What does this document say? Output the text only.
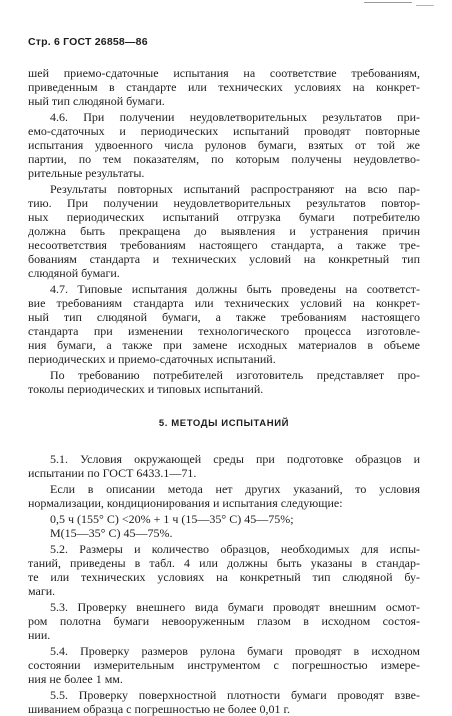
Стр. 6 ГОСТ 26858—86
5. МЕТОДЫ ИСПЫТАНИЙ
шей приемо-сдаточные испытания на соответствие требованиям,
приведенным в стандарте или технических условиях на конкрет-
ный тип слюдяной бумаги.
4.6. При получении неудовлетворительных результатов при-
емо-сдаточных и периодических испытаний проводят повторные
испытания удвоенного числа рулонов бумаги, взятых от той же
партии, по тем показателям, по которым получены неудовлетво-
рительные результаты.
Результаты повторных испытаний распространяют на всю пар-
тию. При получении неудовлетворительных результатов повтор-
ных периодических испытаний отгрузка бумаги потребителю
должна быть прекращена до выявления и устранения причин
несоответствия требованиям настоящего стандарта, а также тре-
бованиям стандарта и технических условий на конкретный тип
слюдяной бумаги.
4.7. Типовые испытания должны быть проведены на соответст-
вие требованиям стандарта или технических условий на конкрет-
ный тип слюдяной бумаги, а также требованиям настоящего
стандарта при изменении технологического процесса изготовле-
ния бумаги, а также при замене исходных материалов в объеме
периодических и приемо-сдаточных испытаний.
По требованию потребителей изготовитель представляет про-
токолы периодических и типовых испытаний.
5.1. Условия окружающей среды при подготовке образцов и
испытании по ГОСТ 6433.1—71.
Если в описании метода нет других указаний, то условия
нормализации, кондиционирования и испытания следующие:
0,5 ч (155° С) <20% + 1 ч (15—35° С) 45—75%;
М(15—35° С) 45—75%.
5.2. Размеры и количество образцов, необходимых для испы-
таний, приведены в табл. 4 или должны быть указаны в стандар-
те или технических условиях на конкретный тип слюдяной бу-
маги.
5.3. Проверку внешнего вида бумаги проводят внешним осмот-
ром полотна бумаги невооруженным глазом в исходном состоя-
нии.
5.4. Проверку размеров рулона бумаги проводят в исходном
состоянии измерительным инструментом с погрешностью измере-
ния не более 1 мм.
5.5. Проверку поверхностной плотности бумаги проводят взве-
шиванием образца с погрешностью не более 0,01 г.
